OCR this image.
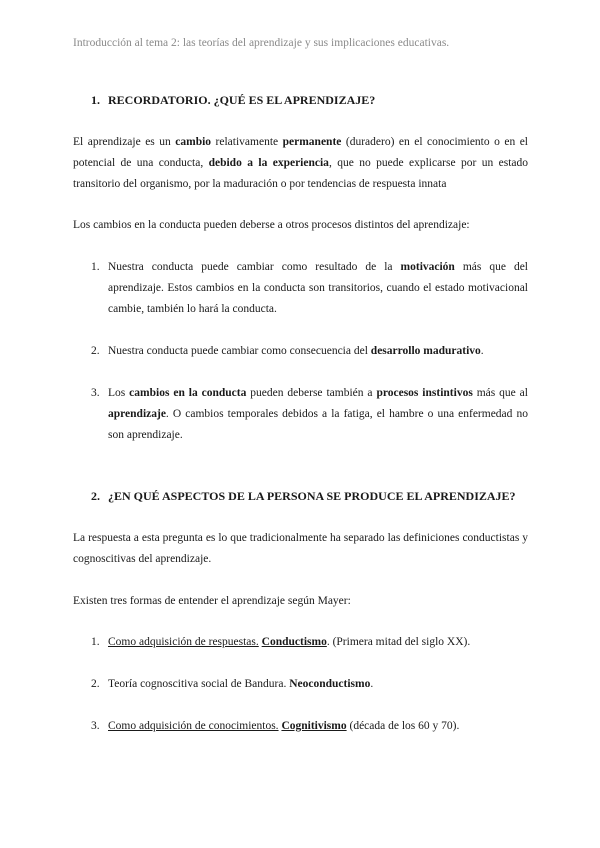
Introducción al tema 2: las teorías del aprendizaje y sus implicaciones educativas.
1. RECORDATORIO. ¿QUÉ ES EL APRENDIZAJE?

El aprendizaje es un cambio relativamente permanente (duradero) en el conocimiento o en el potencial de una conducta, debido a la experiencia, que no puede explicarse por un estado transitorio del organismo, por la maduración o por tendencias de respuesta innata

Los cambios en la conducta pueden deberse a otros procesos distintos del aprendizaje:

1. Nuestra conducta puede cambiar como resultado de la motivación más que del aprendizaje. Estos cambios en la conducta son transitorios, cuando el estado motivacional cambie, también lo hará la conducta.
2. Nuestra conducta puede cambiar como consecuencia del desarrollo madurativo.
3. Los cambios en la conducta pueden deberse también a procesos instintivos más que al aprendizaje. O cambios temporales debidos a la fatiga, el hambre o una enfermedad no son aprendizaje.
2. ¿EN QUÉ ASPECTOS DE LA PERSONA SE PRODUCE EL APRENDIZAJE?

La respuesta a esta pregunta es lo que tradicionalmente ha separado las definiciones conductistas y cognoscitivas del aprendizaje.

Existen tres formas de entender el aprendizaje según Mayer:

1. Como adquisición de respuestas. Conductismo. (Primera mitad del siglo XX).
2. Teoría cognoscitiva social de Bandura. Neoconductismo.
3. Como adquisición de conocimientos. Cognitivismo (década de los 60 y 70).
